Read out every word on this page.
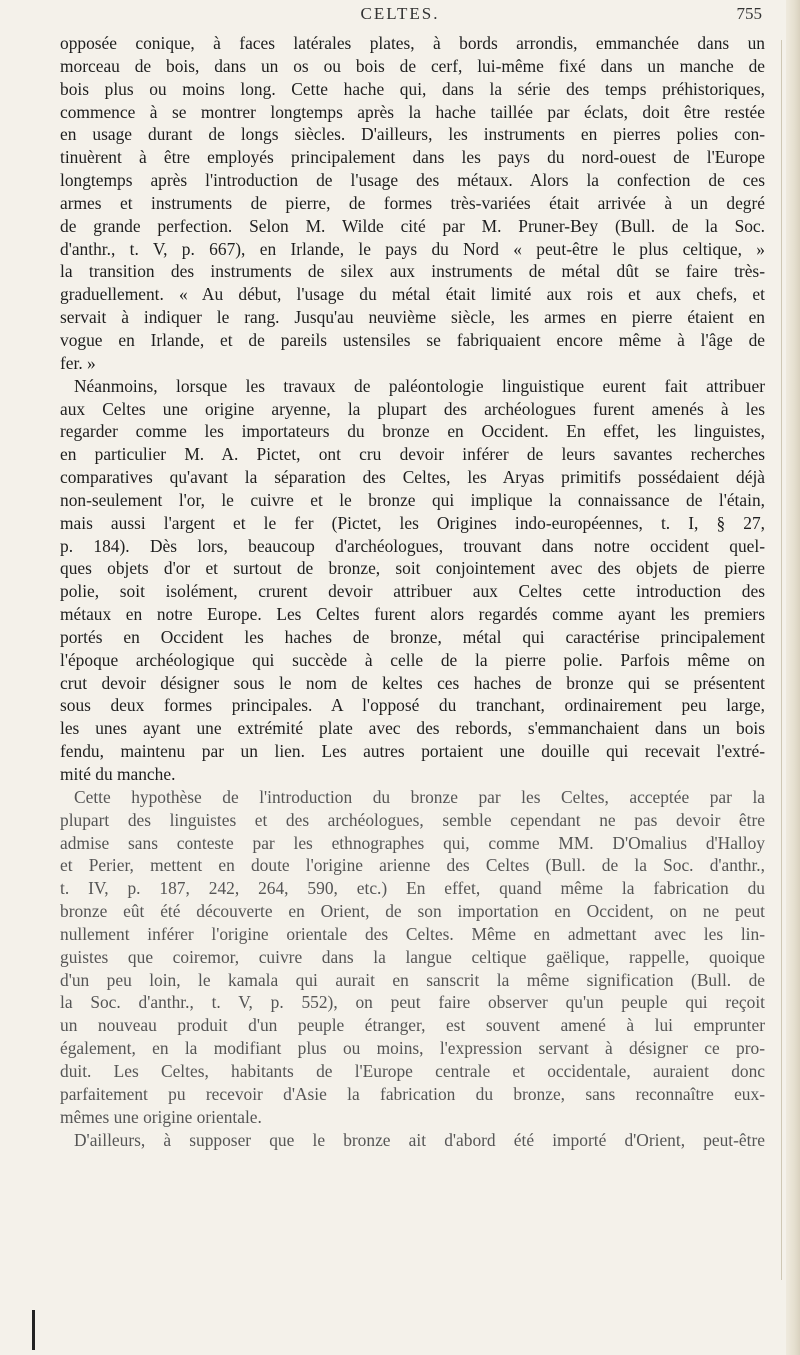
CELTES.	755
opposée conique, à faces latérales plates, à bords arrondis, emmanchée dans un
morceau de bois, dans un os ou bois de cerf, lui-même fixé dans un manche de
bois plus ou moins long. Cette hache qui, dans la série des temps préhistoriques,
commence à se montrer longtemps après la hache taillée par éclats, doit être restée
en usage durant de longs siècles. D'ailleurs, les instruments en pierres polies con-
tinuèrent à être employés principalement dans les pays du nord-ouest de l'Europe
longtemps après l'introduction de l'usage des métaux. Alors la confection de ces
armes et instruments de pierre, de formes très-variées était arrivée à un degré
de grande perfection. Selon M. Wilde cité par M. Pruner-Bey (Bull. de la Soc.
d'anthr., t. V, p. 667), en Irlande, le pays du Nord « peut-être le plus celtique, »
la transition des instruments de silex aux instruments de métal dût se faire très-
graduellement. « Au début, l'usage du métal était limité aux rois et aux chefs, et
servait à indiquer le rang. Jusqu'au neuvième siècle, les armes en pierre étaient en
vogue en Irlande, et de pareils ustensiles se fabriquaient encore même à l'âge de
fer. »
Néanmoins, lorsque les travaux de paléontologie linguistique eurent fait attribuer
aux Celtes une origine aryenne, la plupart des archéologues furent amenés à les
regarder comme les importateurs du bronze en Occident. En effet, les linguistes,
en particulier M. A. Pictet, ont cru devoir inférer de leurs savantes recherches
comparatives qu'avant la séparation des Celtes, les Aryas primitifs possédaient déjà
non-seulement l'or, le cuivre et le bronze qui implique la connaissance de l'étain,
mais aussi l'argent et le fer (Pictet, les Origines indo-européennes, t. I, § 27,
p. 184). Dès lors, beaucoup d'archéologues, trouvant dans notre occident quel-
ques objets d'or et surtout de bronze, soit conjointement avec des objets de pierre
polie, soit isolément, crurent devoir attribuer aux Celtes cette introduction des
métaux en notre Europe. Les Celtes furent alors regardés comme ayant les premiers
portés en Occident les haches de bronze, métal qui caractérise principalement
l'époque archéologique qui succède à celle de la pierre polie. Parfois même on
crut devoir désigner sous le nom de keltes ces haches de bronze qui se présentent
sous deux formes principales. A l'opposé du tranchant, ordinairement peu large,
les unes ayant une extrémité plate avec des rebords, s'emmanchaient dans un bois
fendu, maintenu par un lien. Les autres portaient une douille qui recevait l'extré-
mité du manche.
Cette hypothèse de l'introduction du bronze par les Celtes, acceptée par la
plupart des linguistes et des archéologues, semble cependant ne pas devoir être
admise sans conteste par les ethnographes qui, comme MM. D'Omalius d'Halloy
et Perier, mettent en doute l'origine arienne des Celtes (Bull. de la Soc. d'anthr.,
t. IV, p. 187, 242, 264, 590, etc.) En effet, quand même la fabrication du
bronze eût été découverte en Orient, de son importation en Occident, on ne peut
nullement inférer l'origine orientale des Celtes. Même en admettant avec les lin-
guistes que coiremor, cuivre dans la langue celtique gaëlique, rappelle, quoique
d'un peu loin, le kamala qui aurait en sanscrit la même signification (Bull. de
la Soc. d'anthr., t. V, p. 552), on peut faire observer qu'un peuple qui reçoit
un nouveau produit d'un peuple étranger, est souvent amené à lui emprunter
également, en la modifiant plus ou moins, l'expression servant à désigner ce pro-
duit. Les Celtes, habitants de l'Europe centrale et occidentale, auraient donc
parfaitement pu recevoir d'Asie la fabrication du bronze, sans reconnaître eux-
mêmes une origine orientale.
D'ailleurs, à supposer que le bronze ait d'abord été importé d'Orient, peut-être
